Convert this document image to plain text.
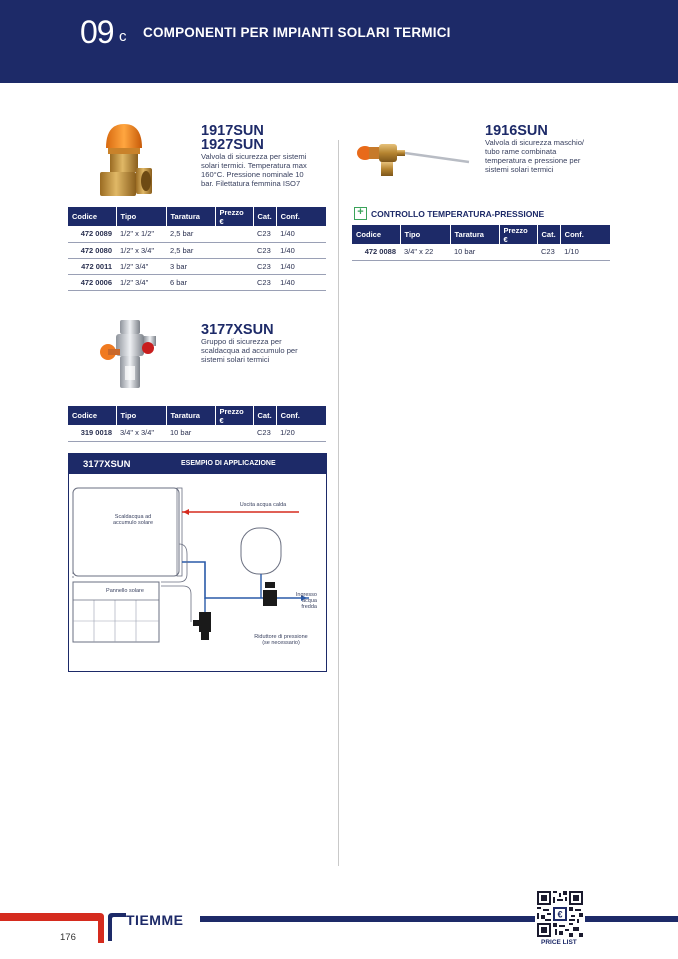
09 c COMPONENTI PER IMPIANTI SOLARI TERMICI
1917SUN
1927SUN
Valvola di sicurezza per sistemi
solari termici. Temperatura max
160°C. Pressione nominale 10
bar. Filettatura femmina ISO7
Codice	Tipo	Taratura	Prezzo €	Cat.	Conf.
472 0089	1/2" x 1/2"	2,5 bar		C23	1/40
472 0080	1/2" x 3/4"	2,5 bar		C23	1/40
472 0011	1/2" 3/4"	3 bar		C23	1/40
472 0006	1/2" 3/4"	6 bar		C23	1/40
3177XSUN
Gruppo di sicurezza per
scaldacqua ad accumulo per
sistemi solari termici
Codice	Tipo	Taratura	Prezzo €	Cat.	Conf.
319 0018	3/4" x 3/4"	10 bar		C23	1/20
3177XSUN	ESEMPIO DI APPLICAZIONE
Scaldacqua ad
accumulo solare
Uscita acqua calda
Pannello solare
Ingresso
acqua
fredda
Riduttore di pressione
(se necessario)
1916SUN
Valvola di sicurezza maschio/
tubo rame combinata
temperatura e pressione per
sistemi solari termici
+ CONTROLLO TEMPERATURA-PRESSIONE
Codice	Tipo	Taratura	Prezzo €	Cat.	Conf.
472 0088	3/4" x 22	10 bar		C23	1/10
TIEMME
176
€
PRICE LIST
